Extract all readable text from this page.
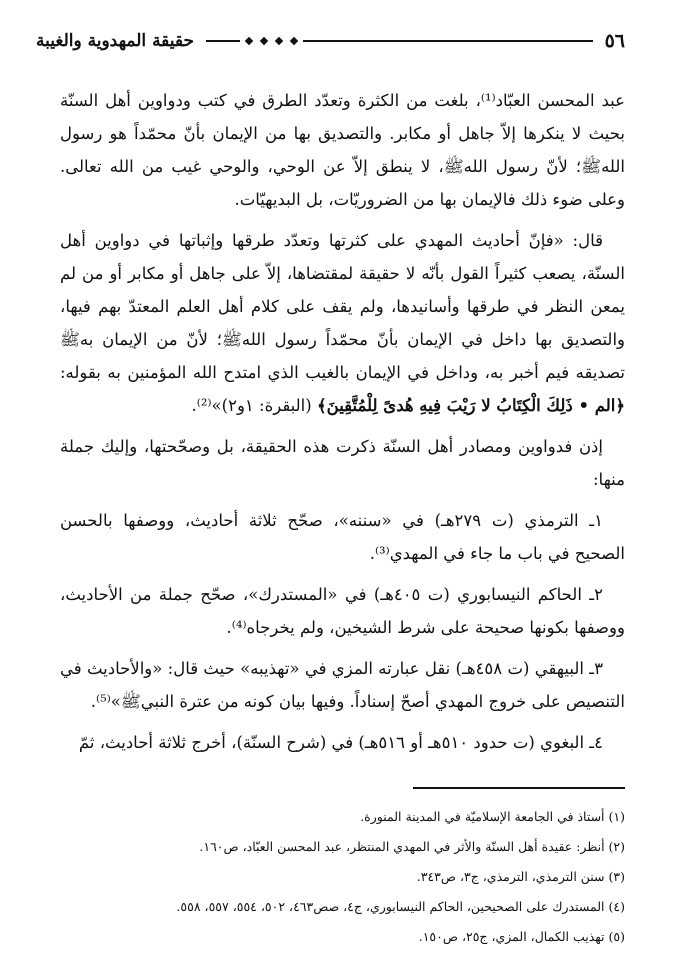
٥٦
حقيقة المهدوية والغيبة

عبد المحسن العبّاد⁽¹⁾، بلغت من الكثرة وتعدّد الطرق في كتب ودواوين أهل السنّة بحيث لا ينكرها إلاّ جاهل أو مكابر. والتصديق بها من الإيمان بأنّ محمّداً هو رسول اللهﷺ؛ لأنّ رسول اللهﷺ، لا ينطق إلاّ عن الوحي، والوحي غيب من الله تعالى. وعلى ضوء ذلك فالإيمان بها من الضروريّات، بل البديهيّات.

قال: «فإنّ أحاديث المهدي على كثرتها وتعدّد طرقها وإثباتها في دواوين أهل السنّة، يصعب كثيراً القول بأنّه لا حقيقة لمقتضاها، إلاّ على جاهل أو مكابر أو من لم يمعن النظر في طرقها وأسانيدها، ولم يقف على كلام أهل العلم المعتدّ بهم فيها، والتصديق بها داخل في الإيمان بأنّ محمّداً رسول اللهﷺ؛ لأنّ من الإيمان بهﷺ تصديقه فيم أخبر به، وداخل في الإيمان بالغيب الذي امتدح الله المؤمنين به بقوله: ﴿الم • ذَلِكَ الْكِتَابُ لا رَيْبَ فِيهِ هُدىً لِلْمُتَّقِينَ﴾ (البقرة: ١و٢)»⁽²⁾.

إذن فدواوين ومصادر أهل السنّة ذكرت هذه الحقيقة، بل وصحّحتها، وإليك جملة منها:

١ـ الترمذي (ت ٢٧٩هـ) في «سننه»، صحّح ثلاثة أحاديث، ووصفها بالحسن الصحيح في باب ما جاء في المهدي⁽³⁾.

٢ـ الحاكم النيسابوري (ت ٤٠٥هـ) في «المستدرك»، صحّح جملة من الأحاديث، ووصفها بكونها صحيحة على شرط الشيخين، ولم يخرجاه⁽⁴⁾.

٣ـ البيهقي (ت ٤٥٨هـ) نقل عبارته المزي في «تهذيبه» حيث قال: «والأحاديث في التنصيص على خروج المهدي أصحّ إسناداً. وفيها بيان كونه من عترة النبيﷺ»⁽⁵⁾.

٤ـ البغوي (ت حدود ٥١٠هـ أو ٥١٦هـ) في (شرح السنّة)، أخرج ثلاثة أحاديث، ثمّ

(١) أستاذ في الجامعة الإسلاميّة في المدينة المنورة.
(٢) أنظر: عقيدة أهل السنّة والأثر في المهدي المنتظر، عبد المحسن العبّاد، ص١٦٠.
(٣) سنن الترمذي، الترمذي، ج٣، ص٣٤٣.
(٤) المستدرك على الصحيحين، الحاكم النيسابوري، ج٤، صص٤٦٣، ٥٠٢، ٥٥٤، ٥٥٧، ٥٥٨.
(٥) تهذيب الكمال، المزي، ج٢٥، ص١٥٠.
